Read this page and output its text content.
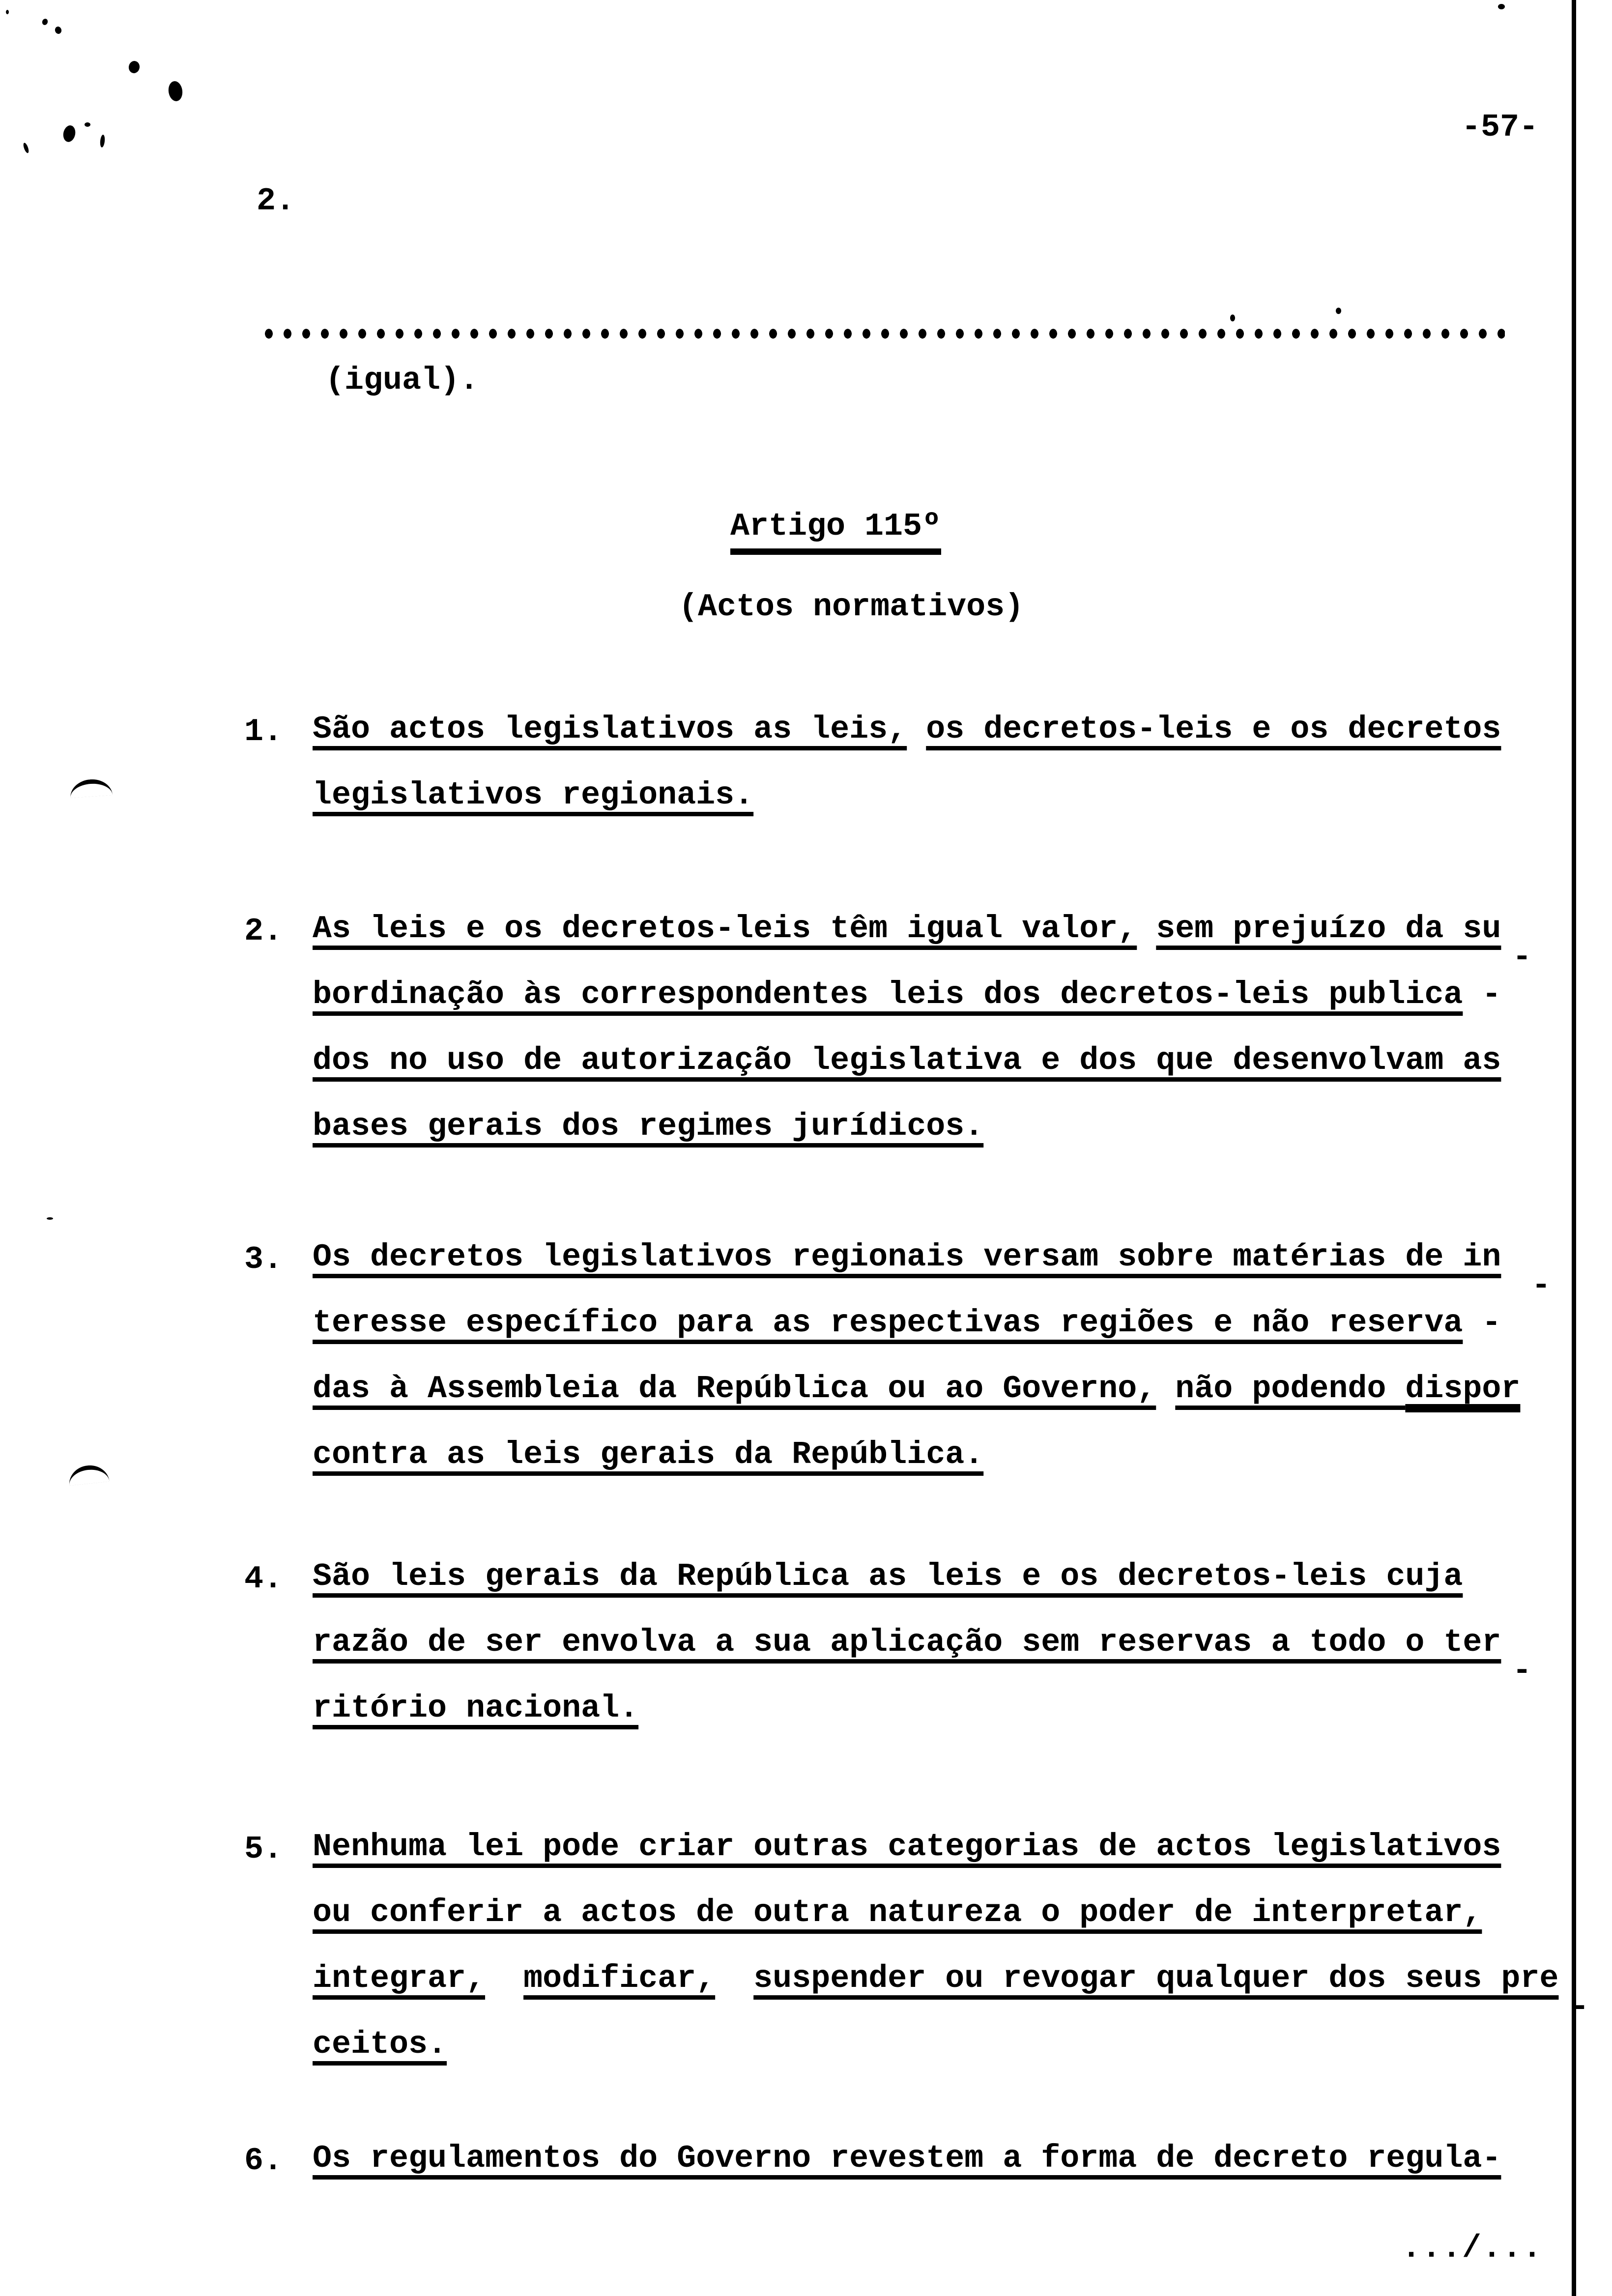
-57-

2.

(igual).

Artigo 115º
(Actos normativos)
1. São actos legislativos as leis, os decretos-leis e os decretos
legislativos regionais.
2. As leis e os decretos-leis têm igual valor, sem prejuízo da su
-
bordinação às correspondentes leis dos decretos-leis publica -
dos no uso de autorização legislativa e dos que desenvolvam as
bases gerais dos regimes jurídicos.
3. Os decretos legislativos regionais versam sobre matérias de in
-
teresse específico para as respectivas regiões e não reserva -
das à Assembleia da República ou ao Governo, não podendo dispor
contra as leis gerais da República.
4. São leis gerais da República as leis e os decretos-leis cuja
razão de ser envolva a sua aplicação sem reservas a todo o ter
-
ritório nacional.
5. Nenhuma lei pode criar outras categorias de actos legislativos
ou conferir a actos de outra natureza o poder de interpretar,
integrar, modificar, suspender ou revogar qualquer dos seus pre
-
ceitos.
6. Os regulamentos do Governo revestem a forma de decreto regula-
.../...
